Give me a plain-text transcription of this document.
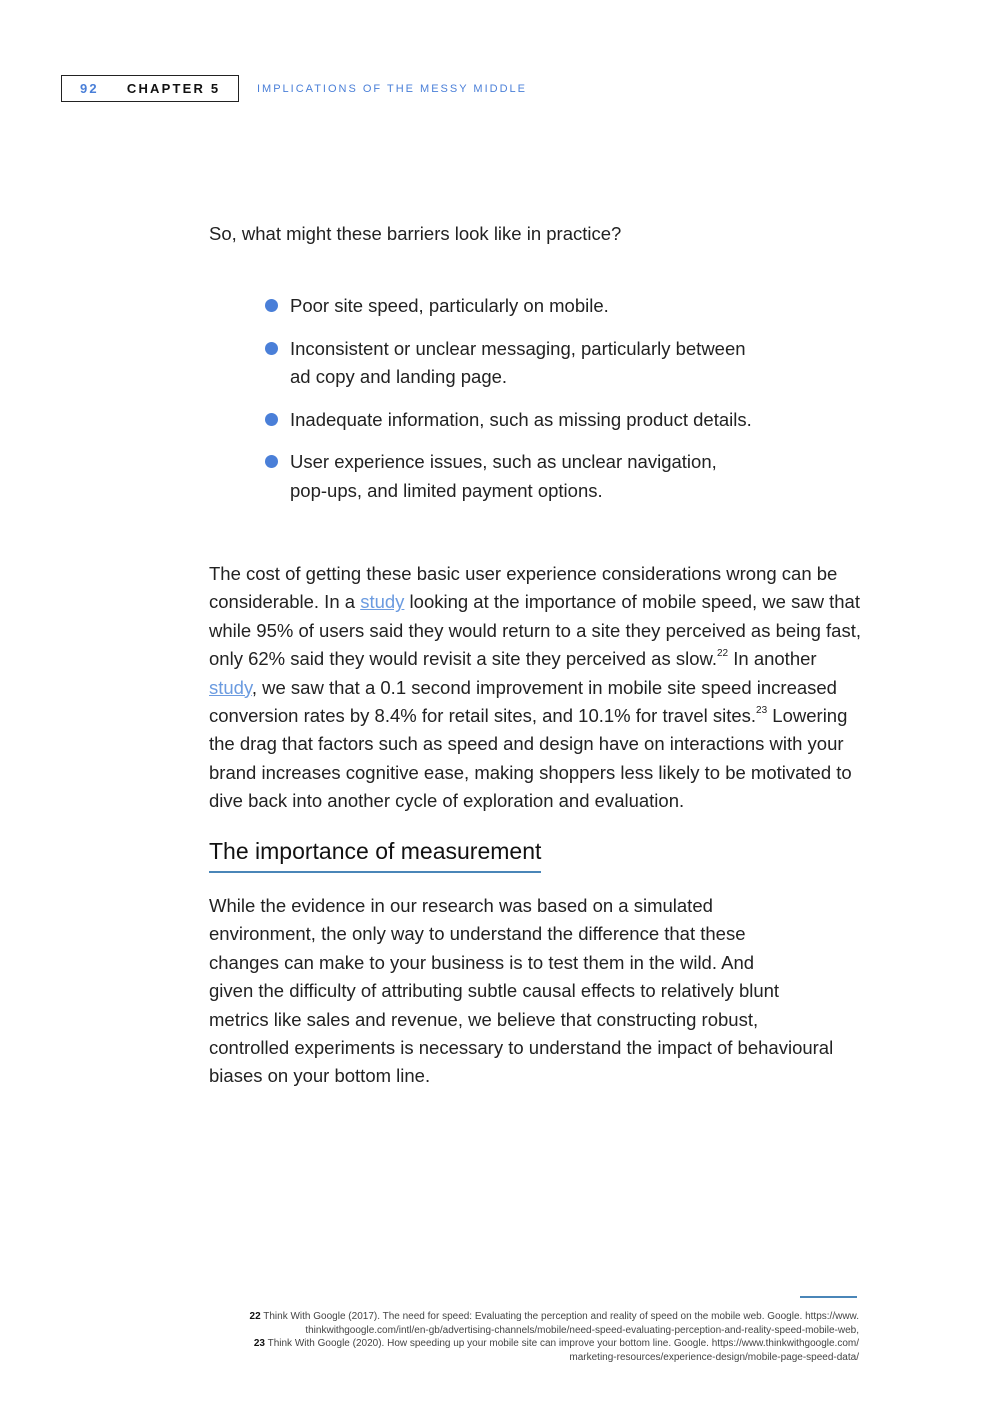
92 CHAPTER 5	IMPLICATIONS OF THE MESSY MIDDLE
So, what might these barriers look like in practice?
Poor site speed, particularly on mobile.
Inconsistent or unclear messaging, particularly between
ad copy and landing page.
Inadequate information, such as missing product details.
User experience issues, such as unclear navigation,
pop-ups, and limited payment options.

The cost of getting these basic user experience considerations wrong can be considerable. In a study looking at the importance of mobile speed, we saw that while 95% of users said they would return to a site they perceived as being fast, only 62% said they would revisit a site they perceived as slow.$^{22}$ In another study, we saw that a 0.1 second improvement in mobile site speed increased conversion rates by 8.4% for retail sites, and 10.1% for travel sites.$^{23}$ Lowering the drag that factors such as speed and design have on interactions with your brand increases cognitive ease, making shoppers less likely to be motivated to dive back into another cycle of exploration and evaluation.

The importance of measurement

While the evidence in our research was based on a simulated
environment, the only way to understand the difference that these
changes can make to your business is to test them in the wild. And
given the difficulty of attributing subtle causal effects to relatively blunt
metrics like sales and revenue, we believe that constructing robust,
controlled experiments is necessary to understand the impact of behavioural
biases on your bottom line.

22 Think With Google (2017). The need for speed: Evaluating the perception and reality of speed on the mobile web. Google. https://www.
thinkwithgoogle.com/intl/en-gb/advertising-channels/mobile/need-speed-evaluating-perception-and-reality-speed-mobile-web,
23 Think With Google (2020). How speeding up your mobile site can improve your bottom line. Google. https://www.thinkwithgoogle.com/
marketing-resources/experience-design/mobile-page-speed-data/
